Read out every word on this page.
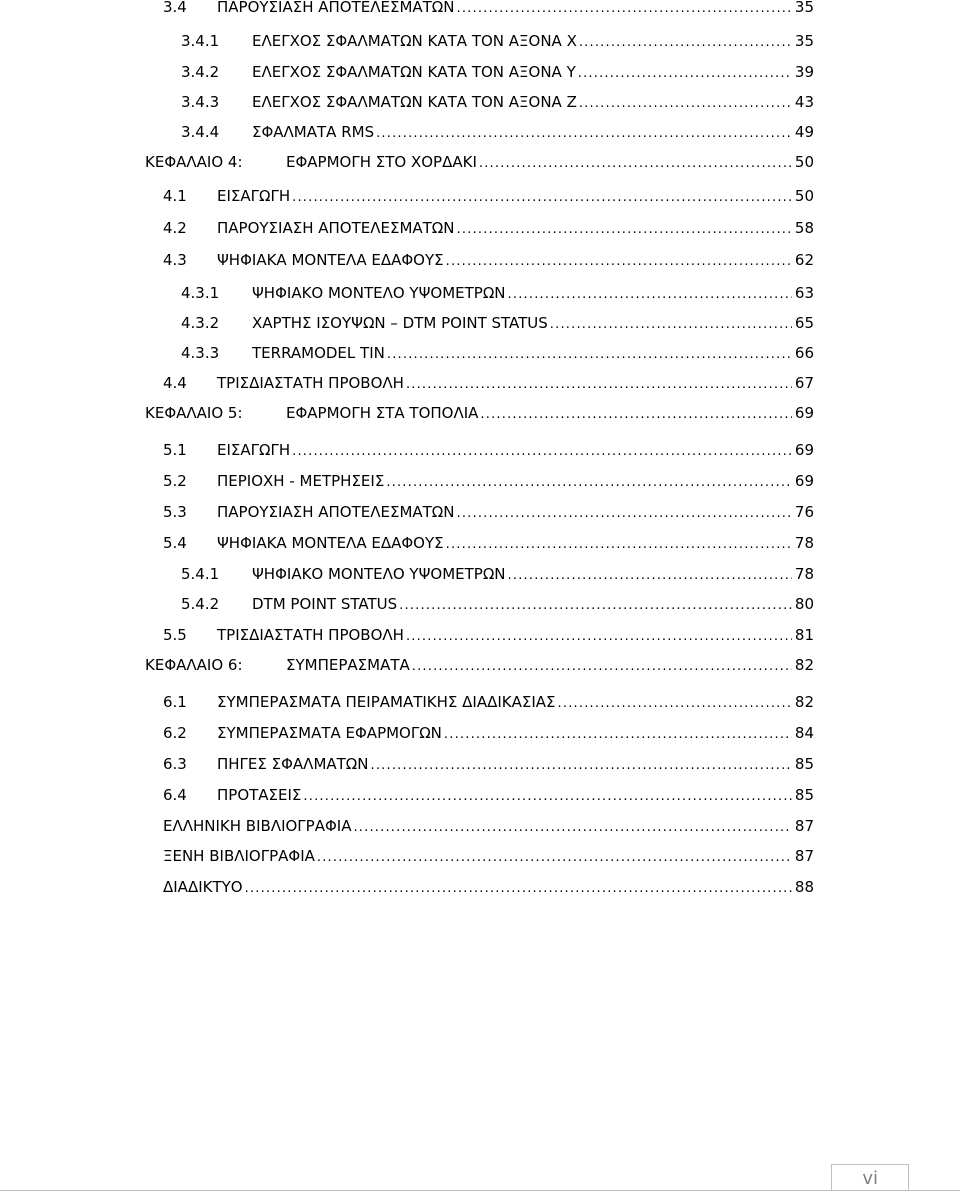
3.4	ΠΑΡΟΥΣΙΑΣΗ ΑΠΟΤΕΛΕΣΜΑΤΩΝ .....	35
3.4.1	ΕΛΕΓΧΟΣ ΣΦΑΛΜΑΤΩΝ ΚΑΤΑ ΤΟΝ ΑΞΟΝΑ X .....	35
3.4.2	ΕΛΕΓΧΟΣ ΣΦΑΛΜΑΤΩΝ ΚΑΤΑ ΤΟΝ ΑΞΟΝΑ Y .....	39
3.4.3	ΕΛΕΓΧΟΣ ΣΦΑΛΜΑΤΩΝ ΚΑΤΑ ΤΟΝ ΑΞΟΝΑ Z .....	43
3.4.4	ΣΦΑΛΜΑΤΑ RMS .....	49
ΚΕΦΑΛΑΙΟ 4:	ΕΦΑΡΜΟΓΗ ΣΤΟ ΧΟΡΔΑΚΙ .....	50
4.1	ΕΙΣΑΓΩΓΗ .....	50
4.2	ΠΑΡΟΥΣΙΑΣΗ ΑΠΟΤΕΛΕΣΜΑΤΩΝ .....	58
4.3	ΨΗΦΙΑΚΑ ΜΟΝΤΕΛΑ ΕΔΑΦΟΥΣ .....	62
4.3.1	ΨΗΦΙΑΚΟ ΜΟΝΤΕΛΟ ΥΨΟΜΕΤΡΩΝ .....	63
4.3.2	ΧΑΡΤΗΣ ΙΣΟΥΨΩΝ – DTM POINT STATUS .....	65
4.3.3	TERRAMODEL TIN .....	66
4.4	ΤΡΙΣΔΙΑΣΤΑΤΗ ΠΡΟΒΟΛΗ .....	67
ΚΕΦΑΛΑΙΟ 5:	ΕΦΑΡΜΟΓΗ ΣΤΑ ΤΟΠΟΛΙΑ .....	69
5.1	ΕΙΣΑΓΩΓΗ .....	69
5.2	ΠΕΡΙΟΧΗ - ΜΕΤΡΗΣΕΙΣ .....	69
5.3	ΠΑΡΟΥΣΙΑΣΗ ΑΠΟΤΕΛΕΣΜΑΤΩΝ .....	76
5.4	ΨΗΦΙΑΚΑ ΜΟΝΤΕΛΑ ΕΔΑΦΟΥΣ .....	78
5.4.1	ΨΗΦΙΑΚΟ ΜΟΝΤΕΛΟ ΥΨΟΜΕΤΡΩΝ .....	78
5.4.2	DTM POINT STATUS .....	80
5.5	ΤΡΙΣΔΙΑΣΤΑΤΗ ΠΡΟΒΟΛΗ .....	81
ΚΕΦΑΛΑΙΟ 6:	ΣΥΜΠΕΡΑΣΜΑΤΑ .....	82
6.1	ΣΥΜΠΕΡΑΣΜΑΤΑ ΠΕΙΡΑΜΑΤΙΚΗΣ ΔΙΑΔΙΚΑΣΙΑΣ .....	82
6.2	ΣΥΜΠΕΡΑΣΜΑΤΑ ΕΦΑΡΜΟΓΩΝ .....	84
6.3	ΠΗΓΕΣ ΣΦΑΛΜΑΤΩΝ .....	85
6.4	ΠΡΟΤΑΣΕΙΣ .....	85
ΕΛΛΗΝΙΚΗ ΒΙΒΛΙΟΓΡΑΦΙΑ .....	87
ΞΕΝΗ ΒΙΒΛΙΟΓΡΑΦΙΑ .....	87
ΔΙΑΔΙΚΤΥΟ .....	88
vi
